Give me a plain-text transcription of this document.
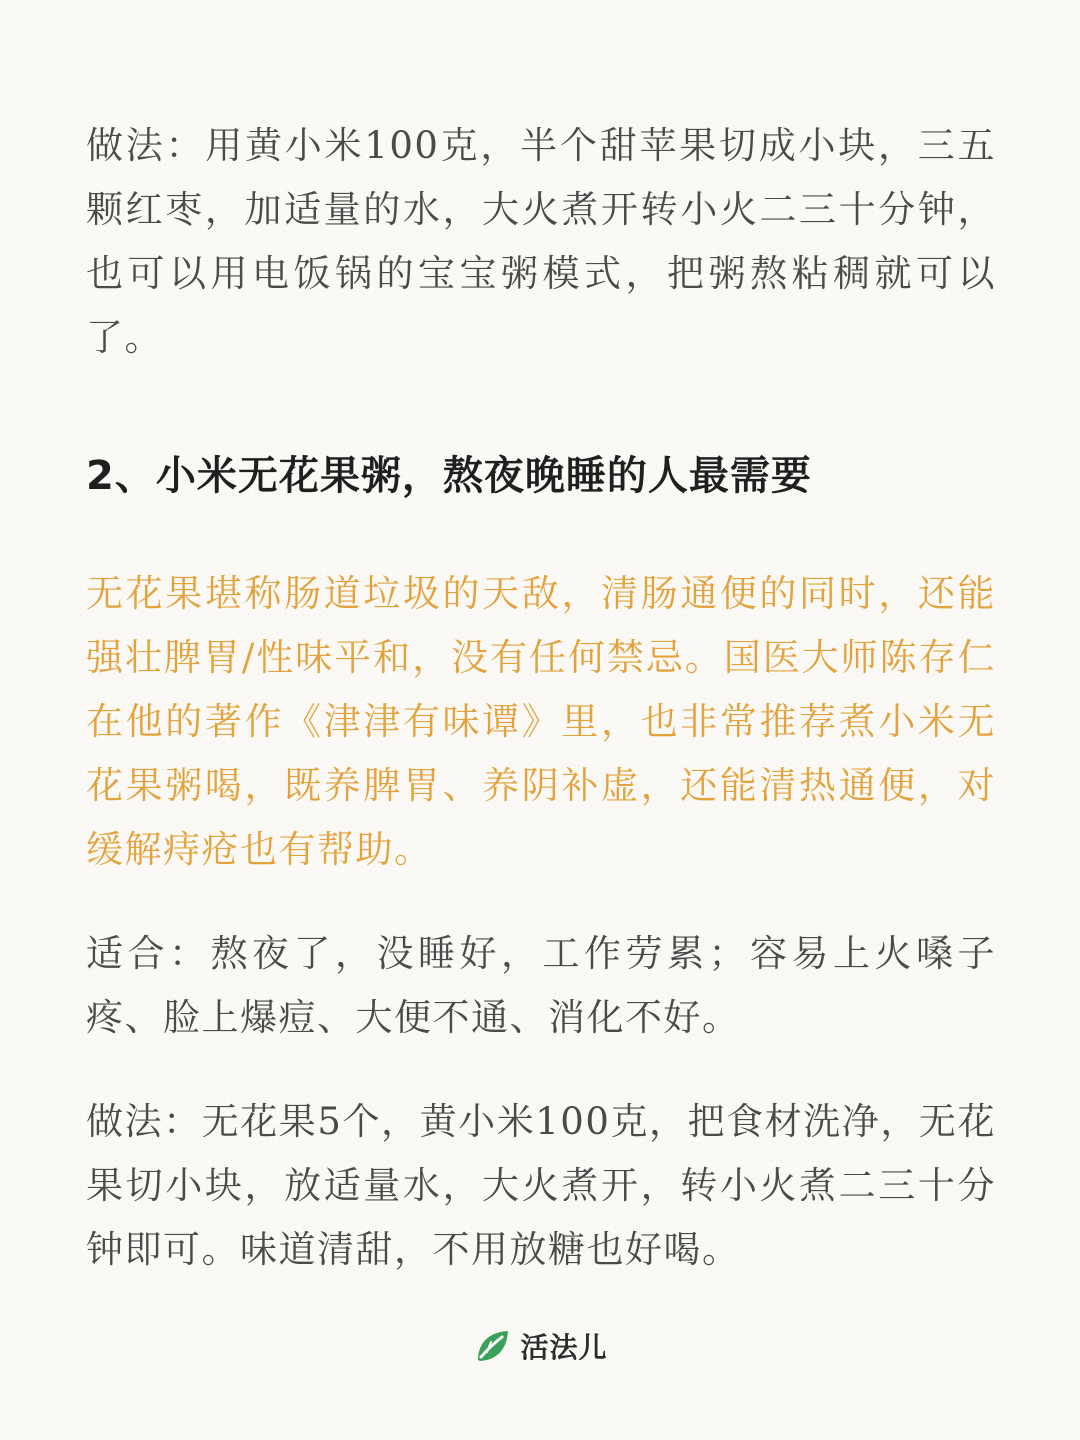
做法：用黄小米100克，半个甜苹果切成小块，三五颗红枣，加适量的水，大火煮开转小火二三十分钟，也可以用电饭锅的宝宝粥模式，把粥熬粘稠就可以了。

2、小米无花果粥，熬夜晚睡的人最需要

无花果堪称肠道垃圾的天敌，清肠通便的同时，还能强壮脾胃/性味平和，没有任何禁忌。国医大师陈存仁在他的著作《津津有味谭》里，也非常推荐煮小米无花果粥喝，既养脾胃、养阴补虚，还能清热通便，对缓解痔疮也有帮助。

适合：熬夜了，没睡好，工作劳累；容易上火嗓子疼、脸上爆痘、大便不通、消化不好。

做法：无花果5个，黄小米100克，把食材洗净，无花果切小块，放适量水，大火煮开，转小火煮二三十分钟即可。味道清甜，不用放糖也好喝。

活法儿
